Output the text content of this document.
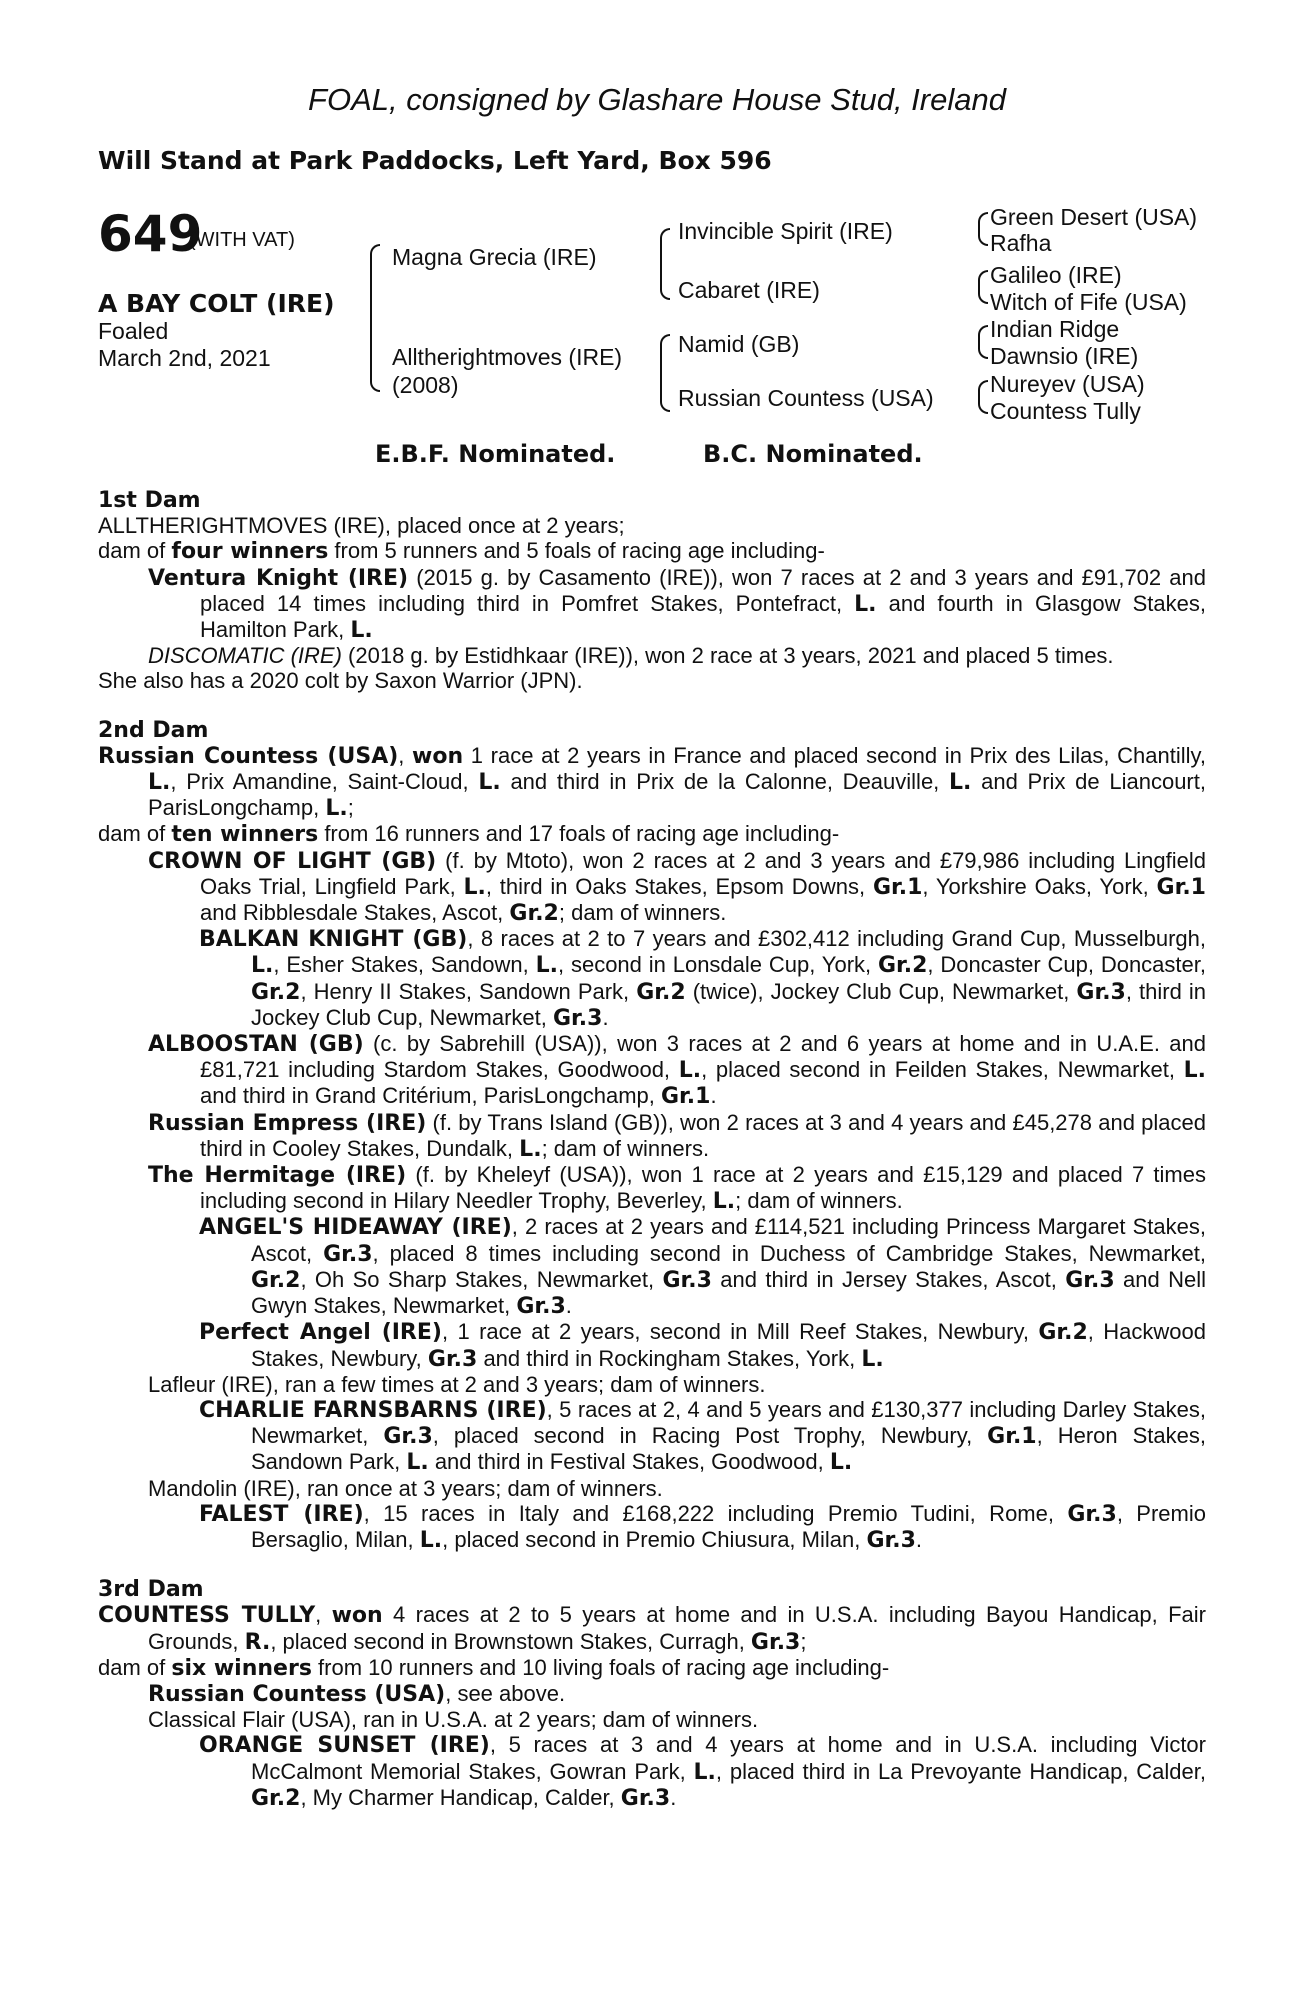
FOAL, consigned by Glashare House Stud, Ireland
Will Stand at Park Paddocks, Left Yard, Box 596
649
(WITH VAT)
A BAY COLT (IRE)
Foaled
March 2nd, 2021
Magna Grecia (IRE)
Alltherightmoves (IRE)
(2008)
Invincible Spirit (IRE)
Cabaret (IRE)
Namid (GB)
Russian Countess (USA)
Green Desert (USA)
Rafha
Galileo (IRE)
Witch of Fife (USA)
Indian Ridge
Dawnsio (IRE)
Nureyev (USA)
Countess Tully
E.B.F. Nominated.	B.C. Nominated.

1st Dam

ALLTHERIGHTMOVES (IRE), placed once at 2 years;

dam of four winners from 5 runners and 5 foals of racing age including-

Ventura Knight (IRE) (2015 g. by Casamento (IRE)), won 7 races at 2 and 3 years and £91,702 and placed 14 times including third in Pomfret Stakes, Pontefract, L. and fourth in Glasgow Stakes, Hamilton Park, L.

DISCOMATIC (IRE) (2018 g. by Estidhkaar (IRE)), won 2 race at 3 years, 2021 and placed 5 times.

She also has a 2020 colt by Saxon Warrior (JPN).

2nd Dam

Russian Countess (USA), won 1 race at 2 years in France and placed second in Prix des Lilas, Chantilly, L., Prix Amandine, Saint-Cloud, L. and third in Prix de la Calonne, Deauville, L. and Prix de Liancourt, ParisLongchamp, L.;

dam of ten winners from 16 runners and 17 foals of racing age including-

CROWN OF LIGHT (GB) (f. by Mtoto), won 2 races at 2 and 3 years and £79,986 including Lingfield Oaks Trial, Lingfield Park, L., third in Oaks Stakes, Epsom Downs, Gr.1, Yorkshire Oaks, York, Gr.1 and Ribblesdale Stakes, Ascot, Gr.2; dam of winners.

BALKAN KNIGHT (GB), 8 races at 2 to 7 years and £302,412 including Grand Cup, Musselburgh, L., Esher Stakes, Sandown, L., second in Lonsdale Cup, York, Gr.2, Doncaster Cup, Doncaster, Gr.2, Henry II Stakes, Sandown Park, Gr.2 (twice), Jockey Club Cup, Newmarket, Gr.3, third in Jockey Club Cup, Newmarket, Gr.3.

ALBOOSTAN (GB) (c. by Sabrehill (USA)), won 3 races at 2 and 6 years at home and in U.A.E. and £81,721 including Stardom Stakes, Goodwood, L., placed second in Feilden Stakes, Newmarket, L. and third in Grand Critérium, ParisLongchamp, Gr.1.

Russian Empress (IRE) (f. by Trans Island (GB)), won 2 races at 3 and 4 years and £45,278 and placed third in Cooley Stakes, Dundalk, L.; dam of winners.

The Hermitage (IRE) (f. by Kheleyf (USA)), won 1 race at 2 years and £15,129 and placed 7 times including second in Hilary Needler Trophy, Beverley, L.; dam of winners.

ANGEL'S HIDEAWAY (IRE), 2 races at 2 years and £114,521 including Princess Margaret Stakes, Ascot, Gr.3, placed 8 times including second in Duchess of Cambridge Stakes, Newmarket, Gr.2, Oh So Sharp Stakes, Newmarket, Gr.3 and third in Jersey Stakes, Ascot, Gr.3 and Nell Gwyn Stakes, Newmarket, Gr.3.

Perfect Angel (IRE), 1 race at 2 years, second in Mill Reef Stakes, Newbury, Gr.2, Hackwood Stakes, Newbury, Gr.3 and third in Rockingham Stakes, York, L.

Lafleur (IRE), ran a few times at 2 and 3 years; dam of winners.

CHARLIE FARNSBARNS (IRE), 5 races at 2, 4 and 5 years and £130,377 including Darley Stakes, Newmarket, Gr.3, placed second in Racing Post Trophy, Newbury, Gr.1, Heron Stakes, Sandown Park, L. and third in Festival Stakes, Goodwood, L.

Mandolin (IRE), ran once at 3 years; dam of winners.

FALEST (IRE), 15 races in Italy and £168,222 including Premio Tudini, Rome, Gr.3, Premio Bersaglio, Milan, L., placed second in Premio Chiusura, Milan, Gr.3.

3rd Dam

COUNTESS TULLY, won 4 races at 2 to 5 years at home and in U.S.A. including Bayou Handicap, Fair Grounds, R., placed second in Brownstown Stakes, Curragh, Gr.3;

dam of six winners from 10 runners and 10 living foals of racing age including-

Russian Countess (USA), see above.

Classical Flair (USA), ran in U.S.A. at 2 years; dam of winners.

ORANGE SUNSET (IRE), 5 races at 3 and 4 years at home and in U.S.A. including Victor McCalmont Memorial Stakes, Gowran Park, L., placed third in La Prevoyante Handicap, Calder, Gr.2, My Charmer Handicap, Calder, Gr.3.
